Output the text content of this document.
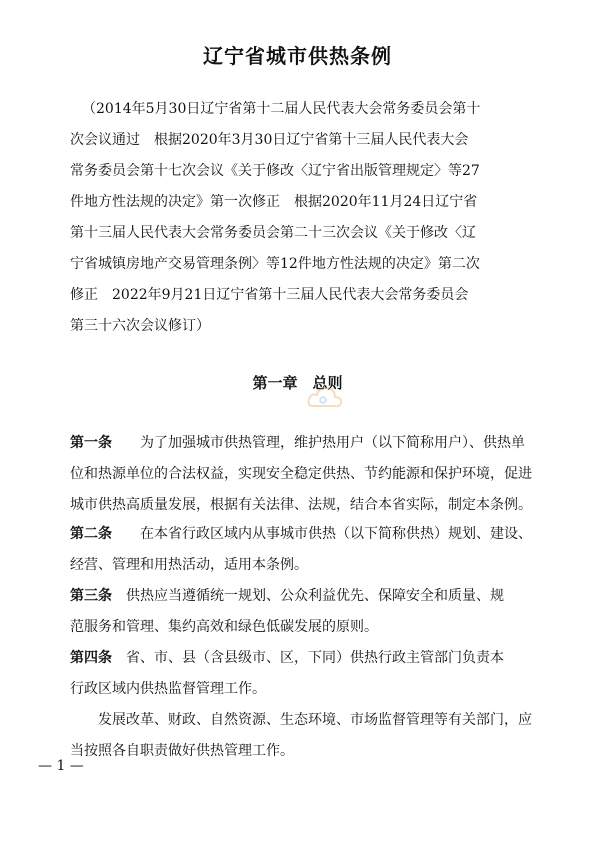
辽宁省城市供热条例
（2014年5月30日辽宁省第十二届人民代表大会常务委员会第十
次会议通过　根据2020年3月30日辽宁省第十三届人民代表大会
常务委员会第十七次会议《关于修改〈辽宁省出版管理规定〉等27
件地方性法规的决定》第一次修正　根据2020年11月24日辽宁省
第十三届人民代表大会常务委员会第二十三次会议《关于修改〈辽
宁省城镇房地产交易管理条例〉等12件地方性法规的决定》第二次
修正　2022年9月21日辽宁省第十三届人民代表大会常务委员会
第三十六次会议修订）
第一章　总则
第一条　　 为了加强城市供热管理，维护热用户（以下简称用户）、供热单
位和热源单位的合法权益，实现安全稳定供热、节约能源和保护环境，促进
城市供热高质量发展，根据有关法律、法规，结合本省实际，制定本条例。
第二条　　 在本省行政区域内从事城市供热（以下简称供热）规划、建设、
经营、管理和用热活动，适用本条例。
第三条　 供热应当遵循统一规划、公众利益优先、保障安全和质量、规
范服务和管理、集约高效和绿色低碳发展的原则。
第四条　 省、市、县（含县级市、区，下同）供热行政主管部门负责本
行政区域内供热监督管理工作。
发展改革、财政、自然资源、生态环境、市场监督管理等有关部门，应
当按照各自职责做好供热管理工作。
— 1 —
